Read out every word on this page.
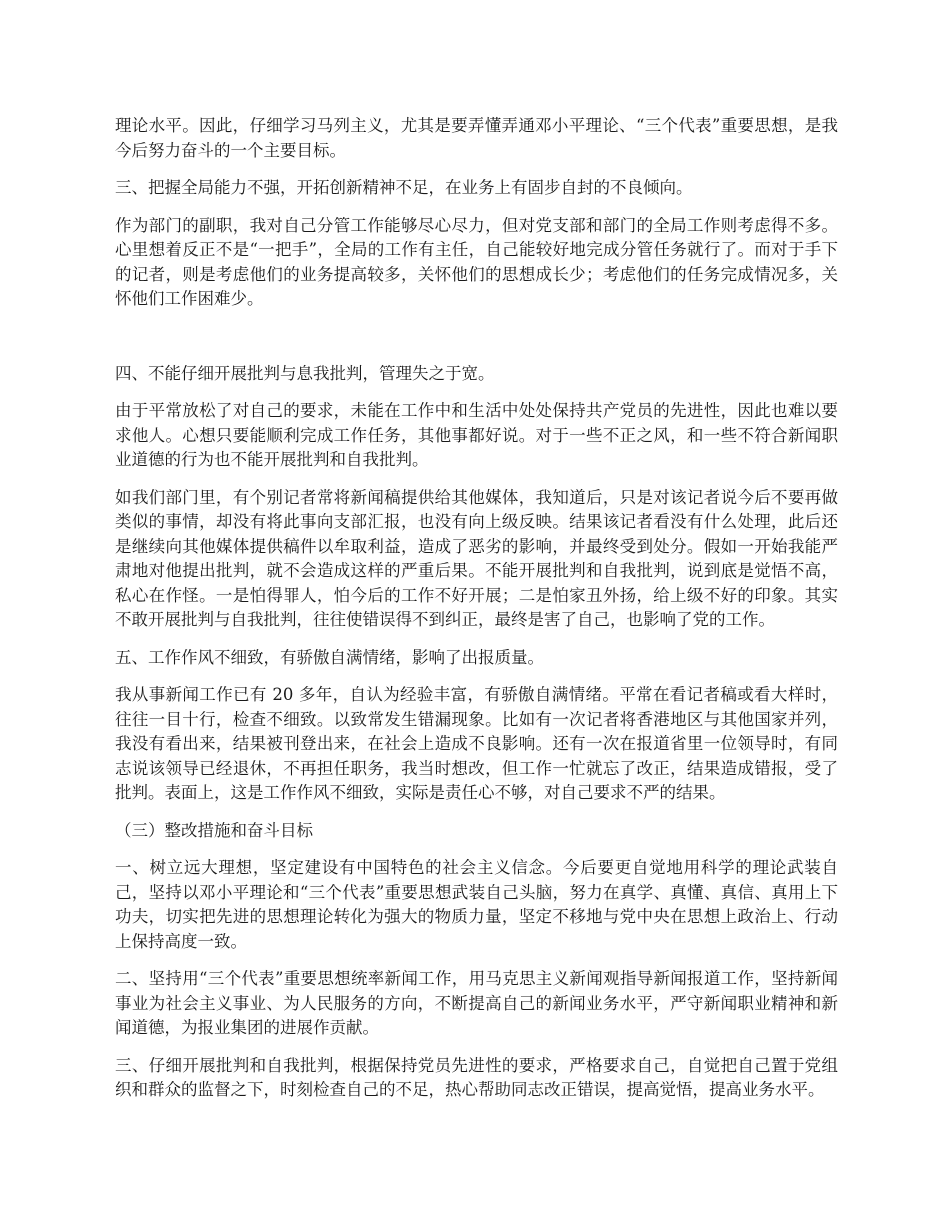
理论水平。因此，仔细学习马列主义，尤其是要弄懂弄通邓小平理论、“三个代表”重要思想，是我今后努力奋斗的一个主要目标。

三、把握全局能力不强，开拓创新精神不足，在业务上有固步自封的不良倾向。

作为部门的副职，我对自己分管工作能够尽心尽力，但对党支部和部门的全局工作则考虑得不多。心里想着反正不是“一把手”，全局的工作有主任，自己能较好地完成分管任务就行了。而对于手下的记者，则是考虑他们的业务提高较多，关怀他们的思想成长少；考虑他们的任务完成情况多，关怀他们工作困难少。

四、不能仔细开展批判与息我批判，管理失之于宽。

由于平常放松了对自己的要求，未能在工作中和生活中处处保持共产党员的先进性，因此也难以要求他人。心想只要能顺利完成工作任务，其他事都好说。对于一些不正之风，和一些不符合新闻职业道德的行为也不能开展批判和自我批判。

如我们部门里，有个别记者常将新闻稿提供给其他媒体，我知道后，只是对该记者说今后不要再做类似的事情，却没有将此事向支部汇报，也没有向上级反映。结果该记者看没有什么处理，此后还是继续向其他媒体提供稿件以牟取利益，造成了恶劣的影响，并最终受到处分。假如一开始我能严肃地对他提出批判，就不会造成这样的严重后果。不能开展批判和自我批判，说到底是觉悟不高，私心在作怪。一是怕得罪人，怕今后的工作不好开展；二是怕家丑外扬，给上级不好的印象。其实不敢开展批判与自我批判，往往使错误得不到纠正，最终是害了自己，也影响了党的工作。

五、工作作风不细致，有骄傲自满情绪，影响了出报质量。

我从事新闻工作已有 20 多年，自认为经验丰富，有骄傲自满情绪。平常在看记者稿或看大样时，往往一目十行，检查不细致。以致常发生错漏现象。比如有一次记者将香港地区与其他国家并列，我没有看出来，结果被刊登出来，在社会上造成不良影响。还有一次在报道省里一位领导时，有同志说该领导已经退休，不再担任职务，我当时想改，但工作一忙就忘了改正，结果造成错报，受了批判。表面上，这是工作作风不细致，实际是责任心不够，对自己要求不严的结果。

（三）整改措施和奋斗目标

一、树立远大理想，坚定建设有中国特色的社会主义信念。今后要更自觉地用科学的理论武装自己，坚持以邓小平理论和“三个代表”重要思想武装自己头脑，努力在真学、真懂、真信、真用上下功夫，切实把先进的思想理论转化为强大的物质力量，坚定不移地与党中央在思想上政治上、行动上保持高度一致。

二、坚持用“三个代表”重要思想统率新闻工作，用马克思主义新闻观指导新闻报道工作，坚持新闻事业为社会主义事业、为人民服务的方向，不断提高自己的新闻业务水平，严守新闻职业精神和新闻道德，为报业集团的进展作贡献。

三、仔细开展批判和自我批判，根据保持党员先进性的要求，严格要求自己，自觉把自己置于党组织和群众的监督之下，时刻检查自己的不足，热心帮助同志改正错误，提高觉悟，提高业务水平。
